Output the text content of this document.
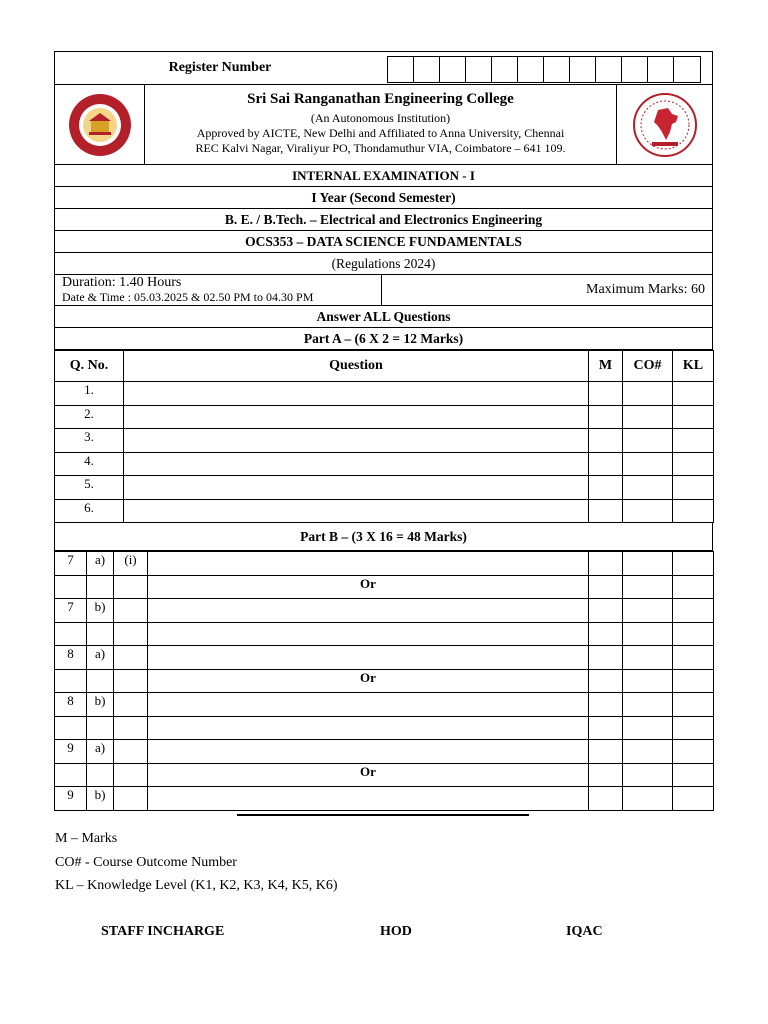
Register Number
Sri Sai Ranganathan Engineering College
(An Autonomous Institution)
Approved by AICTE, New Delhi and Affiliated to Anna University, Chennai
REC Kalvi Nagar, Viraliyur PO, Thondamuthur VIA, Coimbatore – 641 109.
INTERNAL EXAMINATION - I
I Year (Second Semester)
B. E. / B.Tech. – Electrical and Electronics Engineering
OCS353 – DATA SCIENCE FUNDAMENTALS
(Regulations 2024)
Duration: 1.40 Hours
Date & Time : 05.03.2025 & 02.50 PM to 04.30 PM	Maximum Marks: 60
Answer ALL Questions
Part A – (6 X 2 = 12 Marks)
Q. No.	Question	M	CO#	KL
1.				
2.				
3.				
4.				
5.				
6.				
Part B – (3 X 16 = 48 Marks)
7	a)	(i)				
			Or			
7	b)					

8	a)					
			Or			
8	b)					

9	a)					
			Or			
9	b)					
M – Marks
CO# - Course Outcome Number
KL – Knowledge Level (K1, K2, K3, K4, K5, K6)
STAFF INCHARGE	HOD	IQAC
